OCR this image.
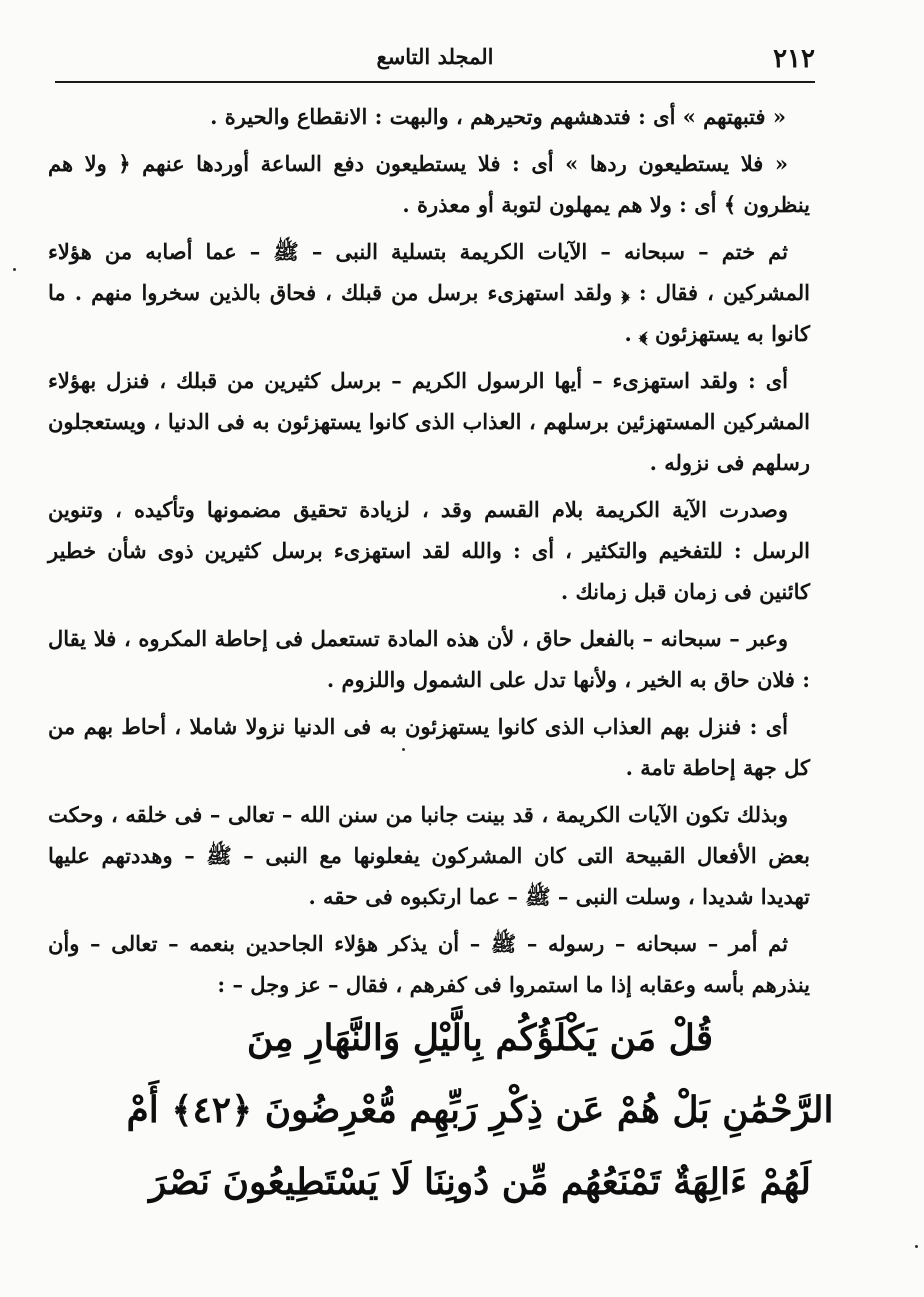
٢١٢
المجلد التاسع

« فتبهتهم » أى : فتدهشهم وتحيرهم ، والبهت : الانقطاع والحيرة .

« فلا يستطيعون ردها » أى : فلا يستطيعون دفع الساعة أوردها عنهم ﴿ ولا هم ينظرون ﴾ أى : ولا هم يمهلون لتوبة أو معذرة .

ثم ختم – سبحانه – الآيات الكريمة بتسلية النبى – ﷺ – عما أصابه من هؤلاء المشركين ، فقال : ﴿ ولقد استهزىء برسل من قبلك ، فحاق بالذين سخروا منهم . ما كانوا به يستهزئون ﴾ .

أى : ولقد استهزىء – أيها الرسول الكريم – برسل كثيرين من قبلك ، فنزل بهؤلاء المشركين المستهزئين برسلهم ، العذاب الذى كانوا يستهزئون به فى الدنيا ، ويستعجلون رسلهم فى نزوله .

وصدرت الآية الكريمة بلام القسم وقد ، لزيادة تحقيق مضمونها وتأكيده ، وتنوين الرسل : للتفخيم والتكثير ، أى : والله لقد استهزىء برسل كثيرين ذوى شأن خطير كائنين فى زمان قبل زمانك .

وعبر – سبحانه – بالفعل حاق ، لأن هذه المادة تستعمل فى إحاطة المكروه ، فلا يقال : فلان حاق به الخير ، ولأنها تدل على الشمول واللزوم .

أى : فنزل بهم العذاب الذى كانوا يستهزئون به فى الدنيا نزولا شاملا ، أحاط بهم من كل جهة إحاطة تامة .

وبذلك تكون الآيات الكريمة ، قد بينت جانبا من سنن الله – تعالى – فى خلقه ، وحكت بعض الأفعال القبيحة التى كان المشركون يفعلونها مع النبى – ﷺ – وهددتهم عليها تهديدا شديدا ، وسلت النبى – ﷺ – عما ارتكبوه فى حقه .

ثم أمر – سبحانه – رسوله – ﷺ – أن يذكر هؤلاء الجاحدين بنعمه – تعالى – وأن ينذرهم بأسه وعقابه إذا ما استمروا فى كفرهم ، فقال – عز وجل – :

قُلْ مَن يَكْلَؤُكُم بِالَّيْلِ وَالنَّهَارِ مِنَ
الرَّحْمَٰنِ بَلْ هُمْ عَن ذِكْرِ رَبِّهِم مُّعْرِضُونَ ﴿٤٢﴾ أَمْ
لَهُمْ ءَالِهَةٌ تَمْنَعُهُم مِّن دُونِنَا لَا يَسْتَطِيعُونَ نَصْرَ
